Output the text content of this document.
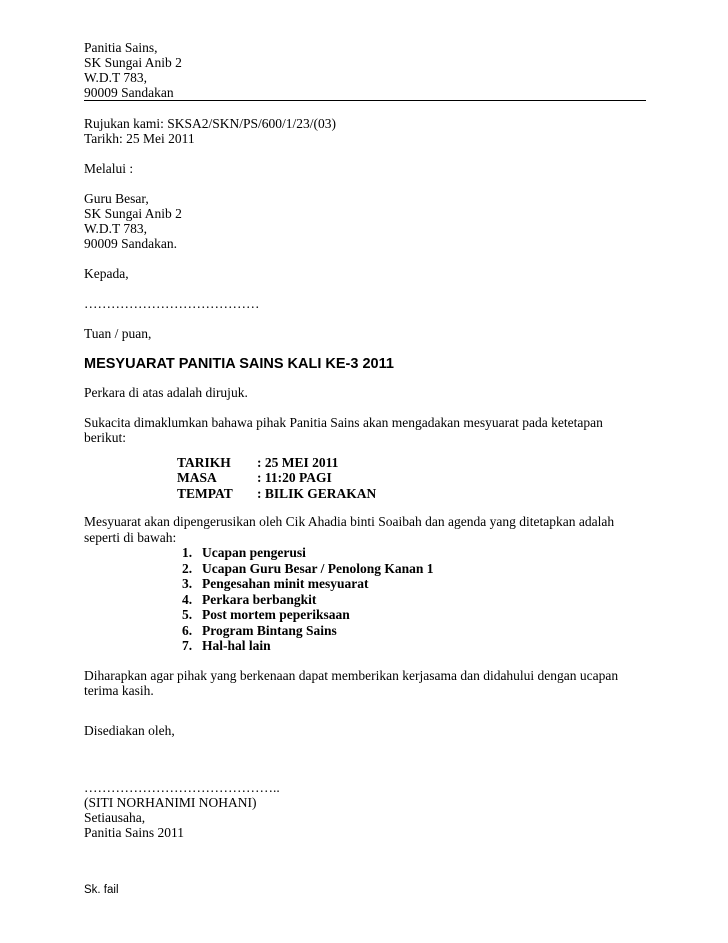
Panitia Sains,
SK Sungai Anib 2
W.D.T 783,
90009 Sandakan
Rujukan kami: SKSA2/SKN/PS/600/1/23/(03)
Tarikh: 25 Mei 2011
Melalui :
Guru Besar,
SK Sungai Anib 2
W.D.T 783,
90009 Sandakan.
Kepada,
…………………………………
Tuan / puan,
MESYUARAT PANITIA SAINS KALI KE-3 2011
Perkara di atas adalah dirujuk.
Sukacita dimaklumkan bahawa pihak Panitia Sains akan mengadakan mesyuarat pada ketetapan berikut:
TARIKH	: 25 MEI 2011
MASA	: 11:20 PAGI
TEMPAT	: BILIK GERAKAN
Mesyuarat akan dipengerusikan oleh Cik Ahadia binti Soaibah dan agenda yang ditetapkan adalah seperti di bawah:
1. Ucapan pengerusi
2. Ucapan Guru Besar / Penolong Kanan 1
3. Pengesahan minit mesyuarat
4. Perkara berbangkit
5. Post mortem peperiksaan
6. Program Bintang Sains
7. Hal-hal lain
Diharapkan agar pihak yang berkenaan dapat memberikan kerjasama dan didahului dengan ucapan terima kasih.
Disediakan oleh,
……………………………………..
(SITI NORHANIMI NOHANI)
Setiausaha,
Panitia Sains 2011
Sk. fail
